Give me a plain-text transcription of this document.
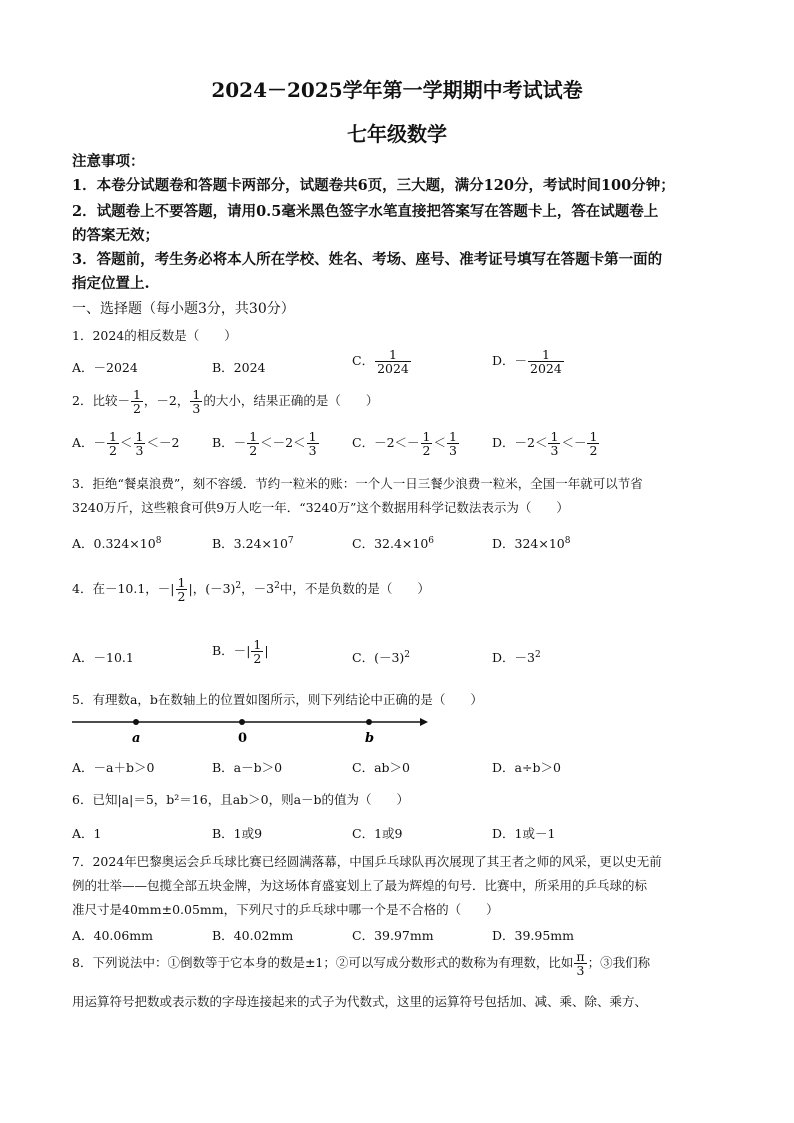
2024－2025学年第一学期期中考试试卷
七年级数学
注意事项：
1．本卷分试题卷和答题卡两部分，试题卷共6页，三大题，满分120分，考试时间100分钟；
2．试题卷上不要答题，请用0.5毫米黑色签字水笔直接把答案写在答题卡上，答在试题卷上
的答案无效；
3．答题前，考生务必将本人所在学校、姓名、考场、座号、准考证号填写在答题卡第一面的
指定位置上.
一、选择题（每小题3分，共30分）
1．2024的相反数是（　　）
A．－2024	B．2024	C． $\frac{1}{2024}$	D．－ $\frac{1}{2024}$
2．比较－ $\frac{1}{2}$ ，－2， $\frac{1}{3}$ 的大小，结果正确的是（　　）
A．－ $\frac{1}{2} < \frac{1}{3} <-2$	B．－ $\frac{1}{2} <-2< \frac{1}{3}$	C．$-2<- \frac{1}{2} < \frac{1}{3}$	D．$-2< \frac{1}{3} <- \frac{1}{2}$
3．拒绝“餐桌浪费”，刻不容缓．节约一粒米的账：一个人一日三餐少浪费一粒米，全国一年就可以节省
3240万斤，这些粮食可供9万人吃一年．“3240万”这个数据用科学记数法表示为（　　）
A．$0.324\times 10^8$	B．$3.24\times 10^7$	C．$32.4\times 10^6$	D．$324\times 10^8$
4．在－10.1，－| $\frac{1}{2}$ |，$(-3)^2$，$-3^2$中，不是负数的是（　　）
A．－10.1	B．－| $\frac{1}{2}$ |	C．$(-3)^2$	D．$-3^2$
5．有理数a，b在数轴上的位置如图所示，则下列结论中正确的是（　　）
a	0	b
A．－a＋b＞0	B．a－b＞0	C．ab＞0	D．a÷b＞0
6．已知|a|＝5，b²＝16，且ab＞0，则a－b的值为（　　）
A．1	B．1或9	C．1或9	D．1或－1
7．2024年巴黎奥运会乒乓球比赛已经圆满落幕，中国乒乓球队再次展现了其王者之师的风采，更以史无前
例的壮举——包揽全部五块金牌，为这场体育盛宴划上了最为辉煌的句号．比赛中，所采用的乒乓球的标
准尺寸是40mm±0.05mm，下列尺寸的乒乓球中哪一个是不合格的（　　）
A．40.06mm	B．40.02mm	C．39.97mm	D．39.95mm
8．下列说法中：①倒数等于它本身的数是±1；②可以写成分数形式的数称为有理数，比如 $\frac{\pi}{3}$ ；③我们称
用运算符号把数或表示数的字母连接起来的式子为代数式，这里的运算符号包括加、减、乘、除、乘方、
